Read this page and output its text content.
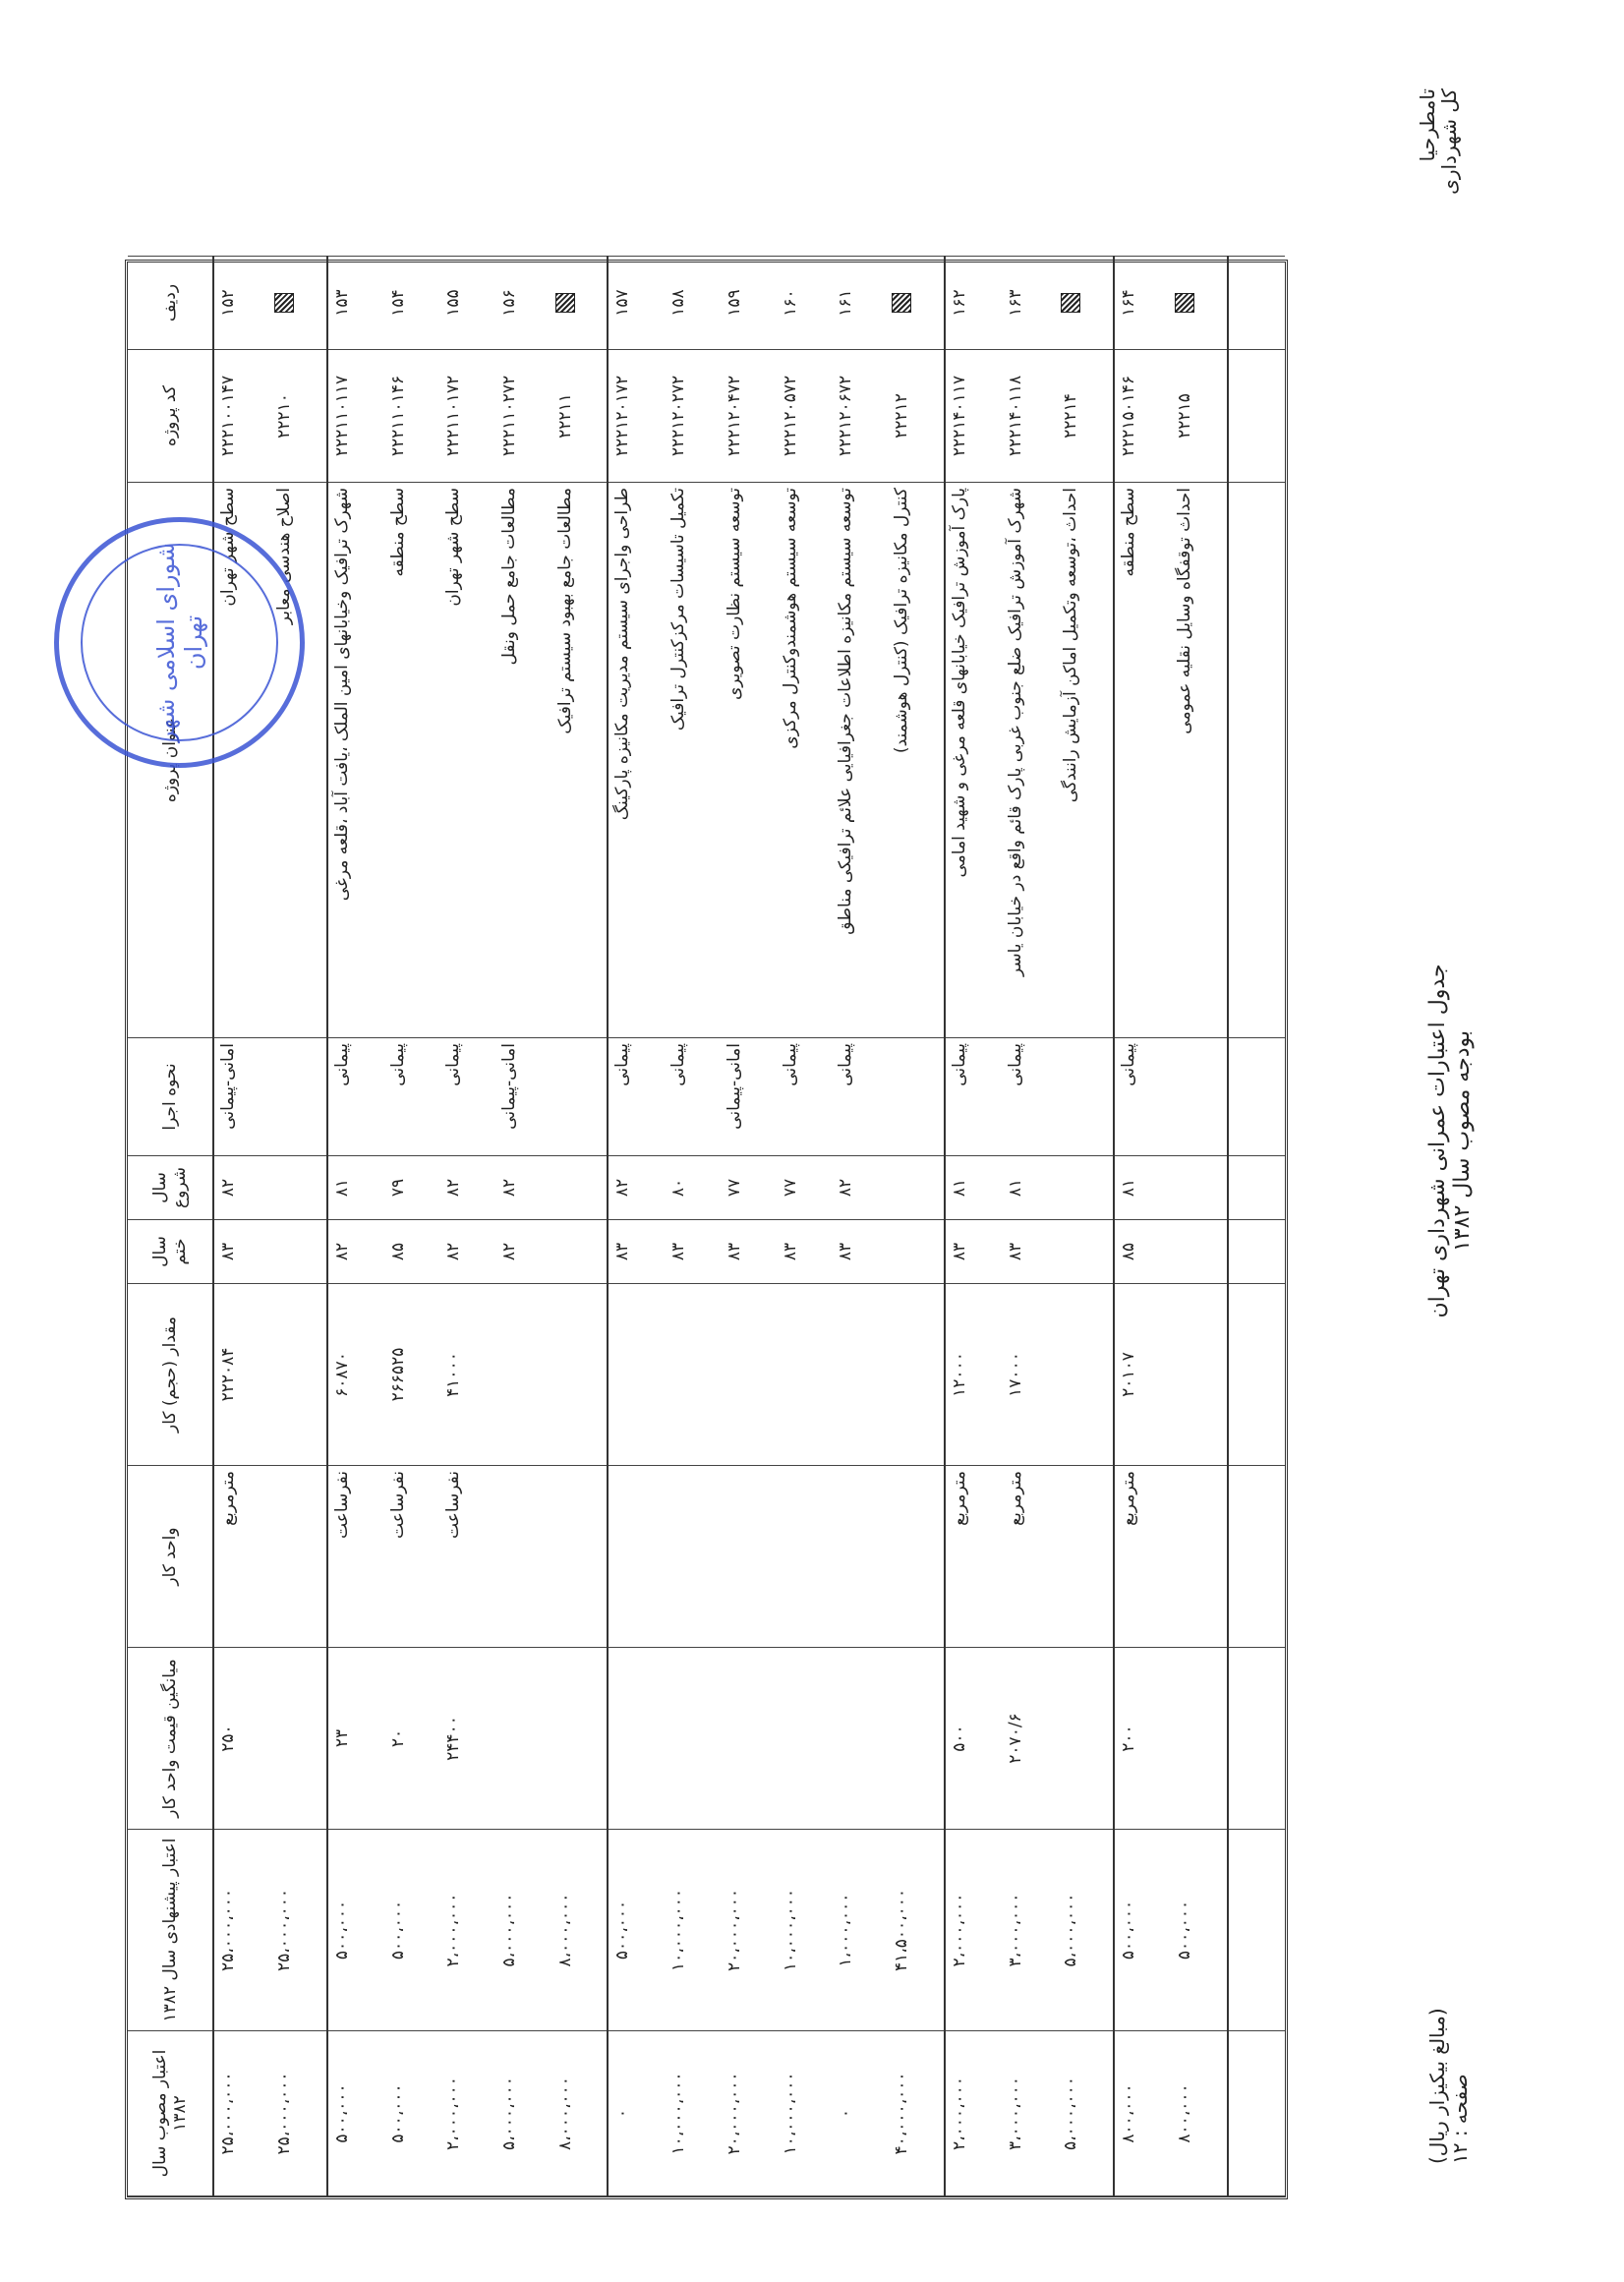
بودجه مصوب سال ۱۳۸۲
جدول اعتبارات عمرانی شهرداری تهران
تامطرحیا
کل شهرداری
صفحه : ۱۲
(مبالغ بیکیزار ریال)
ردیف	کد پروژه	عنوان پروژه	نحوه اجرا	سال شروع	سال ختم	مقدار (حجم) کار	واحد کار	میانگین قیمت واحد کار	اعتبار پیشنهادی سال ۱۳۸۲	اعتبار مصوب سال ۱۳۸۲
۱۵۲	۲۲۲۱۰۰۱۴۷	سطح شهر تهران	امانی-پیمانی	۸۲	۸۳	۲۲۲۰۸۴	مترمربع	۲۵۰	۲۵،۰۰۰،۰۰۰	۲۵،۰۰۰،۰۰۰
	۲۲۲۱۰	اصلاح هندسی معابر							۲۵،۰۰۰،۰۰۰	۲۵،۰۰۰،۰۰۰
۱۵۳	۲۲۲۱۱۰۱۱۷	شهرک ترافیک وخیابانهای امین الملک ،یافت آباد ،قلعه مرغی	پیمانی	۸۱	۸۲	۶۰۸۷۰	نفرساعت	۲۳	۵۰۰،۰۰۰	۵۰۰،۰۰۰
۱۵۴	۲۲۲۱۱۰۱۴۶	سطح منطقه	پیمانی	۷۹	۸۵	۲۶۶۵۲۵	نفرساعت	۲۰	۵۰۰،۰۰۰	۵۰۰،۰۰۰
۱۵۵	۲۲۲۱۱۰۱۷۲	سطح شهر تهران	پیمانی	۸۲	۸۲	۴۱۰۰۰	نفرساعت	۲۴۴۰۰	۲،۰۰۰،۰۰۰	۲،۰۰۰،۰۰۰
۱۵۶	۲۲۲۱۱۰۲۷۲	مطالعات جامع حمل ونقل	امانی-پیمانی	۸۲	۸۲				۵،۰۰۰،۰۰۰	۵،۰۰۰،۰۰۰
	۲۲۲۱۱	مطالعات جامع بهبود سیستم ترافیک							۸،۰۰۰،۰۰۰	۸،۰۰۰،۰۰۰
۱۵۷	۲۲۲۱۲۰۱۷۲	طراحی واجرای سیستم مدیریت مکانیزه پارکینگ	پیمانی	۸۲	۸۳				۵۰۰،۰۰۰	۰
۱۵۸	۲۲۲۱۲۰۲۷۲	تکمیل تاسیسات مرکزکنترل ترافیک	پیمانی	۸۰	۸۳				۱۰،۰۰۰،۰۰۰	۱۰،۰۰۰،۰۰۰
۱۵۹	۲۲۲۱۲۰۴۷۲	توسعه سیستم نظارت تصویری	امانی-پیمانی	۷۷	۸۳				۲۰،۰۰۰،۰۰۰	۲۰،۰۰۰،۰۰۰
۱۶۰	۲۲۲۱۲۰۵۷۲	توسعه سیستم هوشمندوکنترل مرکزی	پیمانی	۷۷	۸۳				۱۰،۰۰۰،۰۰۰	۱۰،۰۰۰،۰۰۰
۱۶۱	۲۲۲۱۲۰۶۷۲	توسعه سیستم مکانیزه اطلاعات جغرافیایی علائم ترافیکی مناطق	پیمانی	۸۲	۸۳				۱،۰۰۰،۰۰۰	۰
	۲۲۲۱۲	کنترل مکانیزه ترافیک (کنترل هوشمند)							۴۱،۵۰۰،۰۰۰	۴۰،۰۰۰،۰۰۰
۱۶۲	۲۲۲۱۴۰۱۱۷	پارک آموزش ترافیک خیابانهای قلعه مرغی و شهید امامی	پیمانی	۸۱	۸۳	۱۲۰۰۰	مترمربع	۵۰۰	۲،۰۰۰،۰۰۰	۲،۰۰۰،۰۰۰
۱۶۳	۲۲۲۱۴۰۱۱۸	شهرک آموزش ترافیک ضلع جنوب غربی پارک قائم واقع در خیابان یاسر	پیمانی	۸۱	۸۳	۱۷۰۰۰	مترمربع	۲۰۷۰/۶	۳،۰۰۰،۰۰۰	۳،۰۰۰،۰۰۰
	۲۲۲۱۴	احداث ،توسعه وتکمیل اماکن آزمایش رانندگی							۵،۰۰۰،۰۰۰	۵،۰۰۰،۰۰۰
۱۶۴	۲۲۲۱۵۰۱۴۶	سطح منطقه	پیمانی	۸۱	۸۵	۲۰۱۰۷	مترمربع	۲۰۰	۵۰۰،۰۰۰	۸۰۰،۰۰۰
	۲۲۲۱۵	احداث توقفگاه وسایل نقلیه عمومی							۵۰۰،۰۰۰	۸۰۰،۰۰۰

شورای اسلامی شهر تهران
